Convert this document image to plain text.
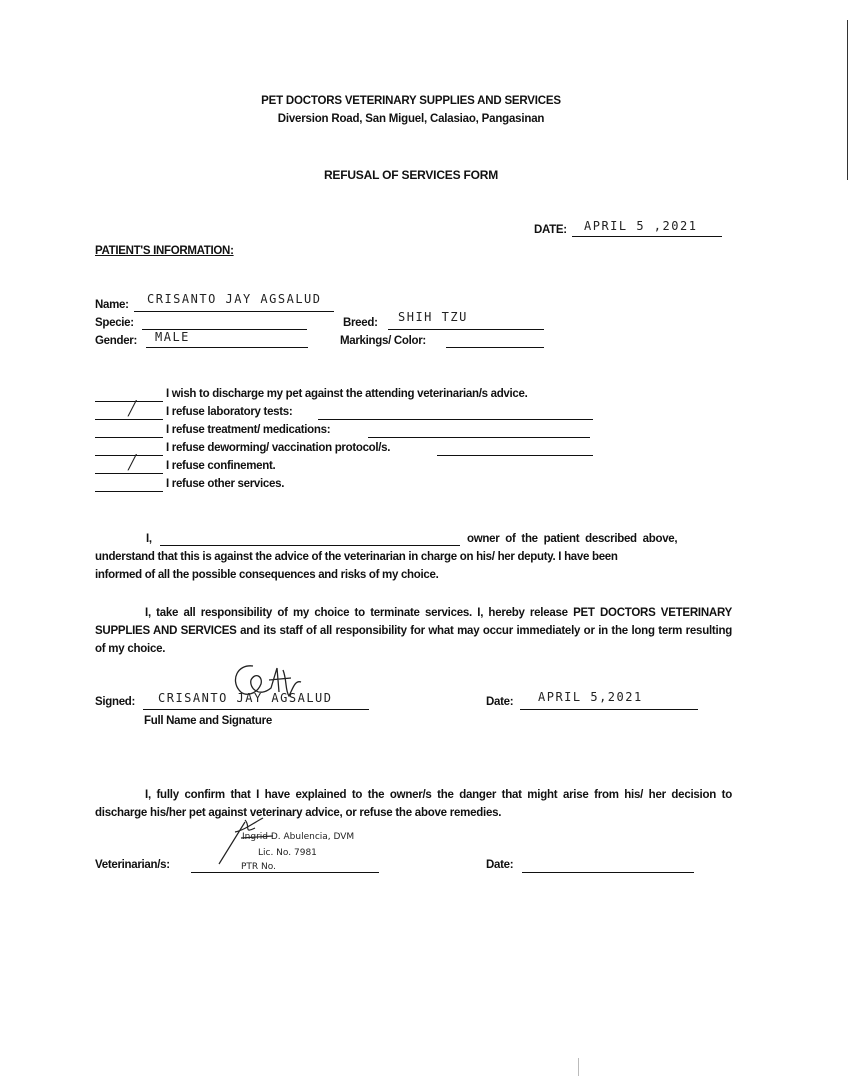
PET DOCTORS VETERINARY SUPPLIES AND SERVICES
Diversion Road, San Miguel, Calasiao, Pangasinan
REFUSAL OF SERVICES FORM
DATE: APRIL 5 ,2021
PATIENT'S INFORMATION:
Name: CRISANTO JAY AGSALUD
Specie:	Breed: SHIH TZU
Gender: MALE	Markings/ Color:
I wish to discharge my pet against the attending veterinarian/s advice.
╱	I refuse laboratory tests:
I refuse treatment/ medications:
I refuse deworming/ vaccination protocol/s.
╱	I refuse confinement.
I refuse other services.
I,	owner of the patient described above,
understand that this is against the advice of the veterinarian in charge on his/ her deputy. I have been
informed of all the possible consequences and risks of my choice.
I, take all responsibility of my choice to terminate services. I, hereby release PET DOCTORS VETERINARY SUPPLIES AND SERVICES and its staff of all responsibility for what may occur immediately or in the long term resulting of my choice.
Signed: CRISANTO JAY AGSALUD
Full Name and Signature
Date: APRIL 5,2021
I, fully confirm that I have explained to the owner/s the danger that might arise from his/ her decision to discharge his/her pet against veterinary advice, or refuse the above remedies.
Ingrid D. Abulencia, DVM
Lic. No. 7981
PTR No.
Veterinarian/s:	Date:
